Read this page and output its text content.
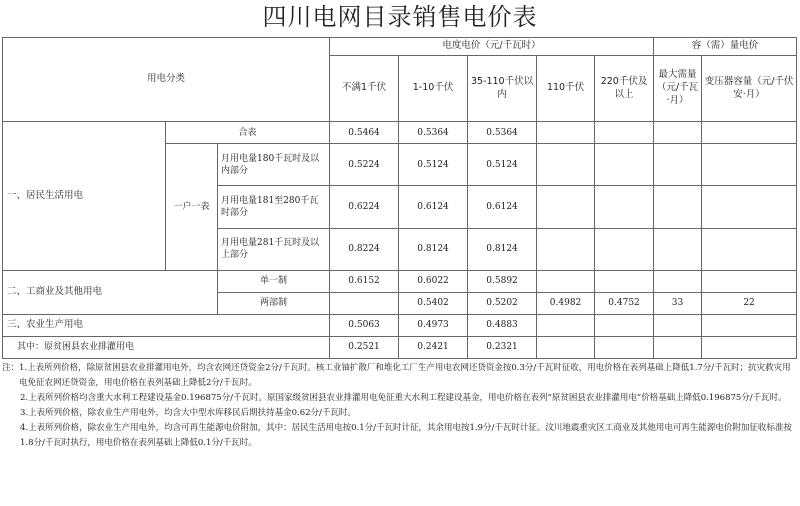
四川电网目录销售电价表
用电分类			电度电价（元/千瓦时）					容（需）量电价	
			不满1千伏	1-10千伏	35-110千伏以内	110千伏	220千伏及以上	最大需量（元/千瓦·月）	变压器容量（元/千伏安·月）
一、居民生活用电	合表		0.5464	0.5364	0.5364				
	一户一表	月用电量180千瓦时及以内部分	0.5224	0.5124	0.5124				
		月用电量181至280千瓦时部分	0.6224	0.6124	0.6124				
		月用电量281千瓦时及以上部分	0.8224	0.8124	0.8124				
二、工商业及其他用电		单一制	0.6152	0.6022	0.5892				
		两部制		0.5402	0.5202	0.4982	0.4752	33	22
三、农业生产用电			0.5063	0.4973	0.4883				
其中：原贫困县农业排灌用电			0.2521	0.2421	0.2321				
注： 1.上表所列价格，除原贫困县农业排灌用电外，均含农网还贷资金2分/千瓦时。核工业铀扩散厂和堆化工厂生产用电农网还贷资金按0.3分/千瓦时征收，用电价格在表列基础上降低1.7分/千瓦时；抗灾救灾用电免征农网还贷资金，用电价格在表列基础上降低2分/千瓦时。
2.上表所列价格均含重大水利工程建设基金0.196875分/千瓦时。原国家级贫困县农业排灌用电免征重大水利工程建设基金，用电价格在表列“原贫困县农业排灌用电”价格基础上降低0.196875分/千瓦时。
3.上表所列价格，除农业生产用电外，均含大中型水库移民后期扶持基金0.62分/千瓦时。
4.上表所列价格，除农业生产用电外，均含可再生能源电价附加，其中：居民生活用电按0.1分/千瓦时计征，其余用电按1.9分/千瓦时计征。汶川地震重灾区工商业及其他用电可再生能源电价附加征收标准按1.8分/千瓦时执行，用电价格在表列基础上降低0.1分/千瓦时。
